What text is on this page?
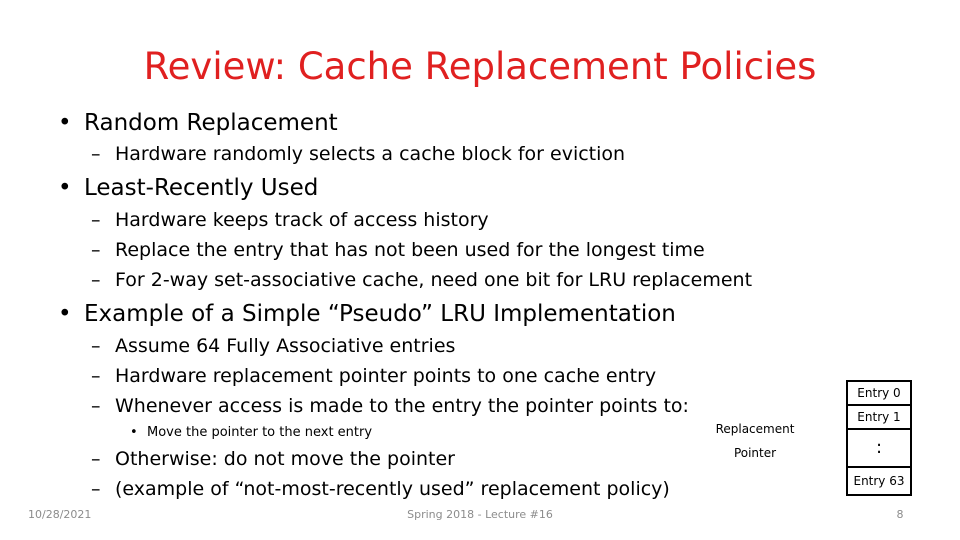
Review: Cache Replacement Policies
• Random Replacement
– Hardware randomly selects a cache block for eviction
• Least-Recently Used
– Hardware keeps track of access history
– Replace the entry that has not been used for the longest time
– For 2-way set-associative cache, need one bit for LRU replacement
• Example of a Simple “Pseudo” LRU Implementation
– Assume 64 Fully Associative entries
– Hardware replacement pointer points to one cache entry
– Whenever access is made to the entry the pointer points to:
• Move the pointer to the next entry
– Otherwise: do not move the pointer
– (example of “not-most-recently used” replacement policy)
Replacement
Pointer
Entry 0
Entry 1
:
Entry 63
10/28/2021	Spring 2018 - Lecture #16	8
